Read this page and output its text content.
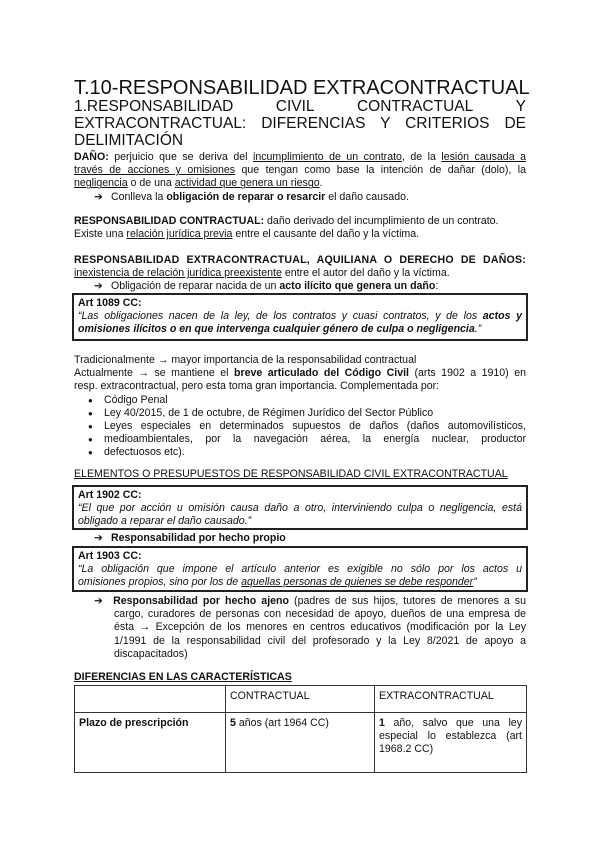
T.10-RESPONSABILIDAD EXTRACONTRACTUAL
1.RESPONSABILIDAD	CIVIL	CONTRACTUAL	Y
EXTRACONTRACTUAL: DIFERENCIAS Y CRITERIOS DE
DELIMITACIÓN
DAÑO: perjuicio que se deriva del incumplimiento de un contrato, de la lesión causada a
través de acciones y omisiones que tengan como base la intención de dañar (dolo), la
negligencia o de una actividad que genera un riesgo.
➔ Conlleva la obligación de reparar o resarcir el daño causado.
RESPONSABILIDAD CONTRACTUAL: daño derivado del incumplimiento de un contrato.
Existe una relación jurídica previa entre el causante del daño y la víctima.
RESPONSABILIDAD EXTRACONTRACTUAL, AQUILIANA O DERECHO DE DAÑOS:
inexistencia de relación jurídica preexistente entre el autor del daño y la víctima.
➔ Obligación de reparar nacida de un acto ilícito que genera un daño:
Art 1089 CC:
“Las obligaciones nacen de la ley, de los contratos y cuasi contratos, y de los actos y
omisiones ilícitos o en que intervenga cualquier género de culpa o negligencia.”
Tradicionalmente → mayor importancia de la responsabilidad contractual
Actualmente → se mantiene el breve articulado del Código Civil (arts 1902 a 1910) en
resp. extracontractual, pero esta toma gran importancia. Complementada por:
● Código Penal
● Ley 40/2015, de 1 de octubre, de Régimen Jurídico del Sector Público
● Leyes especiales en determinados supuestos de daños (daños automovilísticos,
● medioambientales, por la navegación aérea, la energía nuclear, productor
● defectuosos etc).
ELEMENTOS O PRESUPUESTOS DE RESPONSABILIDAD CIVIL EXTRACONTRACTUAL
Art 1902 CC:
“El que por acción u omisión causa daño a otro, interviniendo culpa o negligencia, está
obligado a reparar el daño causado.”
➔ Responsabilidad por hecho propio
Art 1903 CC:
“La obligación que impone el artículo anterior es exigible no sólo por los actos u
omisiones propios, sino por los de aquellas personas de quienes se debe responder”
➔ Responsabilidad por hecho ajeno (padres de sus hijos, tutores de menores a su
cargo, curadores de personas con necesidad de apoyo, dueños de una empresa de
ésta → Excepción de los menores en centros educativos (modificación por la Ley
1/1991 de la responsabilidad civil del profesorado y la Ley 8/2021 de apoyo a
discapacitados)
DIFERENCIAS EN LAS CARACTERÍSTICAS
	CONTRACTUAL	EXTRACONTRACTUAL
Plazo de prescripción	5 años (art 1964 CC)	1 año, salvo que una ley
especial lo establezca (art
1968.2 CC)
